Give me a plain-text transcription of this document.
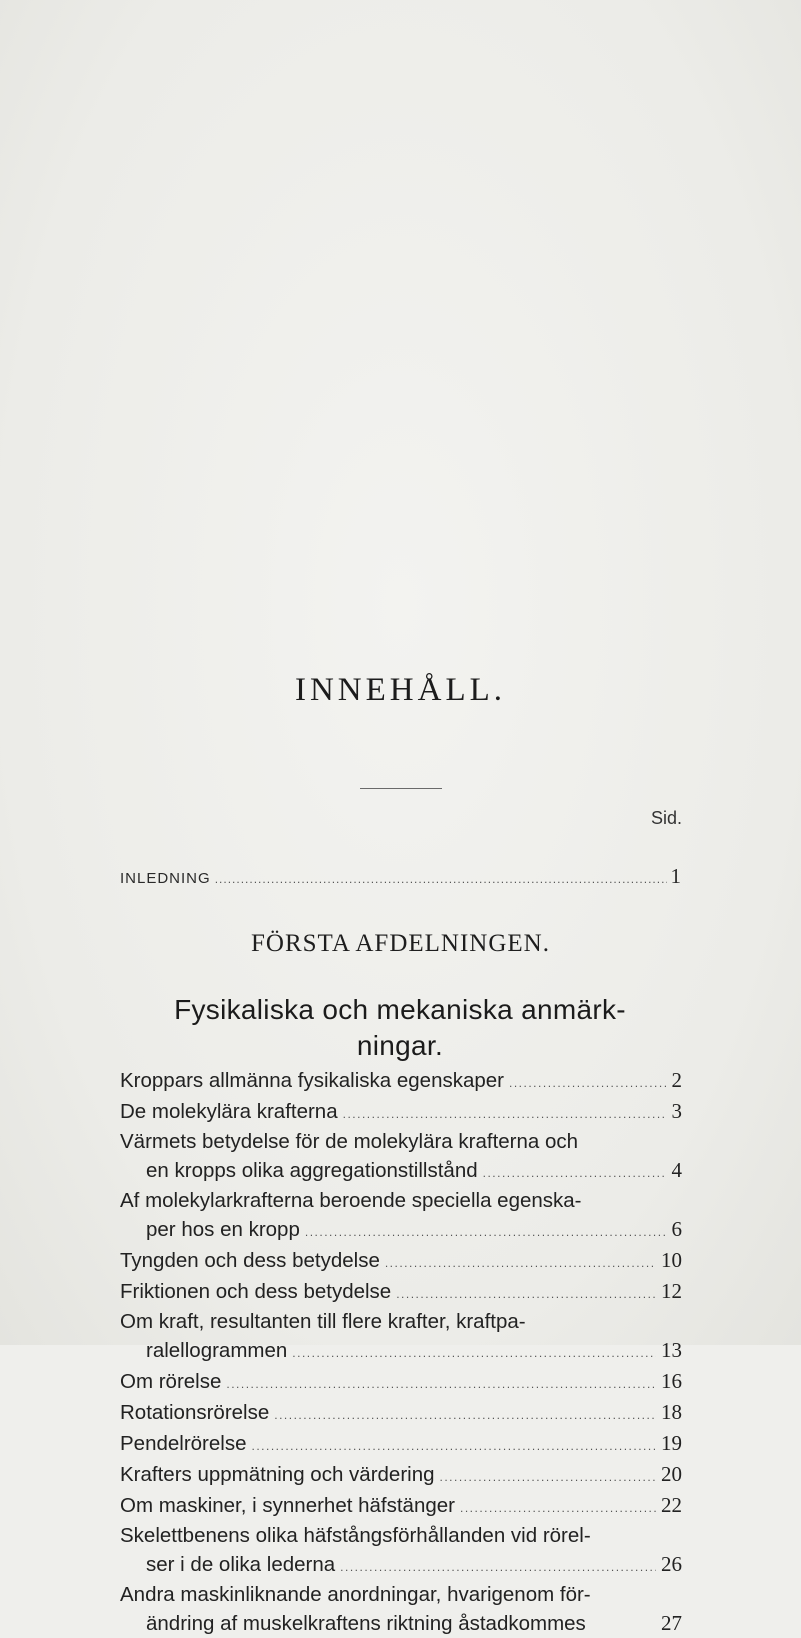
INNEHÅLL.
Sid.
INLEDNING .....	1
FÖRSTA AFDELNINGEN.
Fysikaliska och mekaniska anmärk-
ningar.
Kroppars allmänna fysikaliska egenskaper .....	2
De molekylära krafterna .....	3
Värmets betydelse för de molekylära krafterna och
en kropps olika aggregationstillstånd .....	4
Af molekylarkrafterna beroende speciella egenska-
per hos en kropp .....	6
Tyngden och dess betydelse .....	10
Friktionen och dess betydelse .....	12
Om kraft, resultanten till flere krafter, kraftpa-
ralellogrammen .....	13
Om rörelse .....	16
Rotationsrörelse .....	18
Pendelrörelse .....	19
Krafters uppmätning och värdering .....	20
Om maskiner, i synnerhet häfstänger .....	22
Skelettbenens olika häfstångsförhållanden vid rörel-
ser i de olika lederna .....	26
Andra maskinliknande anordningar, hvarigenom för-
ändring af muskelkraftens riktning åstadkommes	27
